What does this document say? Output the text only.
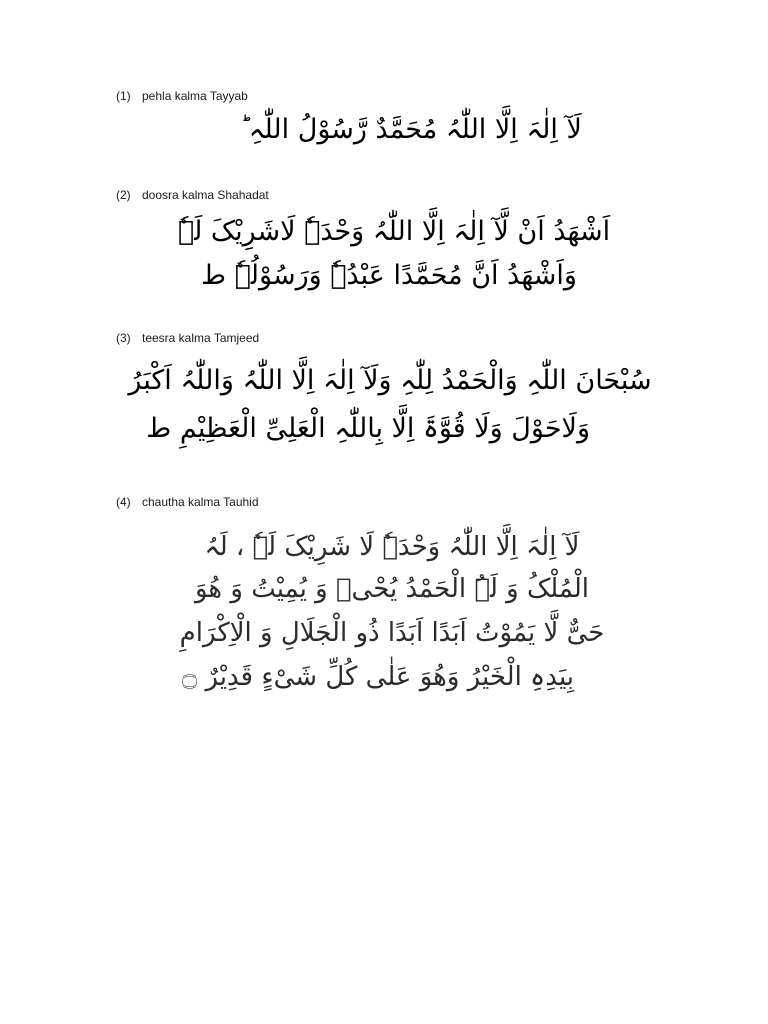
(1) pehla kalma Tayyab
لَآ اِلٰہَ اِلَّا اللّٰہُ مُحَمَّدٌ رَّسُوْلُ اللّٰہِ ؕ
(2) doosra kalma Shahadat
اَشْھَدُ اَنْ لَّآ اِلٰہَ اِلَّا اللّٰہُ وَحْدَہٗ لَاشَرِیْکَ لَہٗ
وَاَشْھَدُ اَنَّ مُحَمَّدًا عَبْدُہٗ وَرَسُوْلُہٗ ط
(3) teesra kalma Tamjeed
سُبْحَانَ اللّٰہِ وَالْحَمْدُ لِلّٰہِ وَلَآ اِلٰہَ اِلَّا اللّٰہُ وَاللّٰہُ اَکْبَرُ
وَلَاحَوْلَ وَلَا قُوَّۃَ اِلَّا بِاللّٰہِ الْعَلِیِّ الْعَظِیْمِ ط
(4) chautha kalma Tauhid
لَآ اِلٰہَ اِلَّا اللّٰہُ وَحْدَہٗ لَا شَرِیْکَ لَہٗ ، لَہُ
الْمُلْکُ وَ لَہُ الْحَمْدُ یُحْیٖ وَ یُمِیْتُ وَ ھُوَ
حَیٌّ لَّا یَمُوْتُ اَبَدًا اَبَدًا ذُو الْجَلَالِ وَ الْاِکْرَامِ
بِیَدِہِ الْخَیْرُ وَھُوَ عَلٰی کُلِّ شَیْءٍ قَدِیْرٌ ۝
